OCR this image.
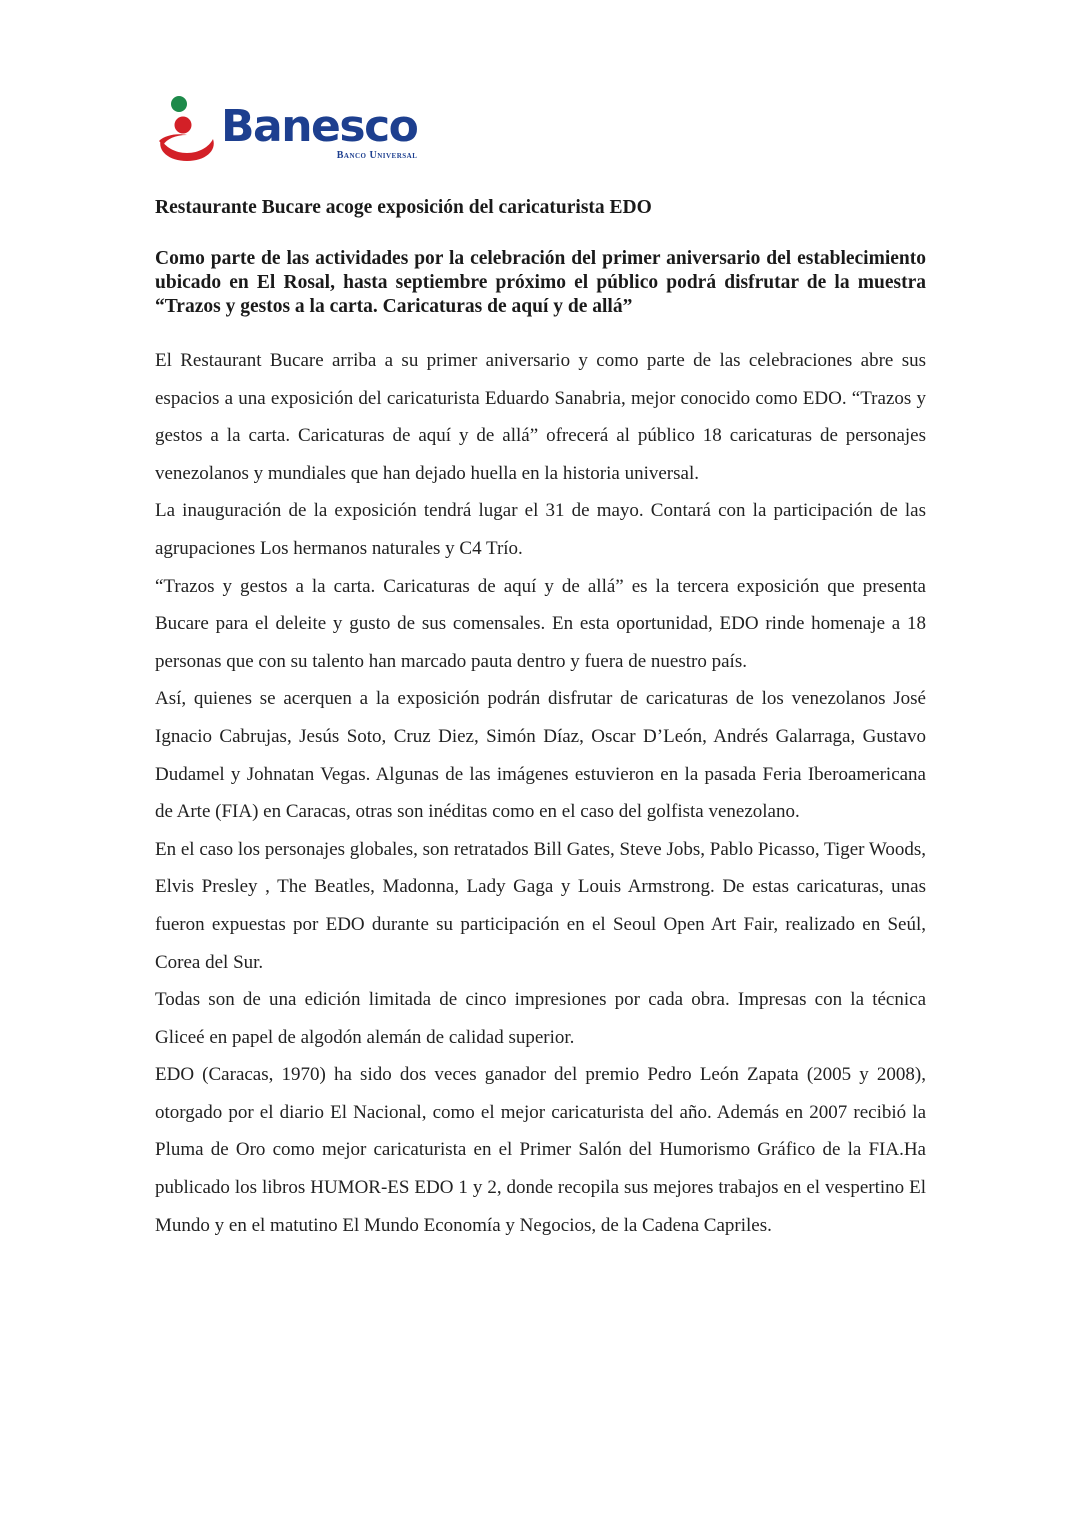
Banesco
Banco Universal
Restaurante Bucare acoge exposición del caricaturista EDO

Como parte de las actividades por la celebración del primer aniversario del establecimiento ubicado en El Rosal, hasta septiembre próximo el público podrá disfrutar de la muestra “Trazos y gestos a la carta. Caricaturas de aquí y de allá”

El Restaurant Bucare arriba a su primer aniversario y como parte de las celebraciones abre sus espacios a una exposición del caricaturista Eduardo Sanabria, mejor conocido como EDO. “Trazos y gestos a la carta. Caricaturas de aquí y de allá” ofrecerá al público 18 caricaturas de personajes venezolanos y mundiales que han dejado huella en la historia universal.

La inauguración de la exposición tendrá lugar el 31 de mayo. Contará con la participación de las agrupaciones Los hermanos naturales y C4 Trío.

“Trazos y gestos a la carta. Caricaturas de aquí y de allá” es la tercera exposición que presenta Bucare para el deleite y gusto de sus comensales. En esta oportunidad, EDO rinde homenaje a 18 personas que con su talento han marcado pauta dentro y fuera de nuestro país.

Así, quienes se acerquen a la exposición podrán disfrutar de caricaturas de los venezolanos José Ignacio Cabrujas, Jesús Soto, Cruz Diez, Simón Díaz, Oscar D’León, Andrés Galarraga, Gustavo Dudamel y Johnatan Vegas. Algunas de las imágenes estuvieron en la pasada Feria Iberoamericana de Arte (FIA) en Caracas, otras son inéditas como en el caso del golfista venezolano.

En el caso los personajes globales, son retratados Bill Gates, Steve Jobs, Pablo Picasso, Tiger Woods, Elvis Presley , The Beatles, Madonna, Lady Gaga y Louis Armstrong. De estas caricaturas, unas fueron expuestas por EDO durante su participación en el Seoul Open Art Fair, realizado en Seúl, Corea del Sur.

Todas son de una edición limitada de cinco impresiones por cada obra. Impresas con la técnica Gliceé en papel de algodón alemán de calidad superior.

EDO (Caracas, 1970) ha sido dos veces ganador del premio Pedro León Zapata (2005 y 2008), otorgado por el diario El Nacional, como el mejor caricaturista del año. Además en 2007 recibió la Pluma de Oro como mejor caricaturista en el Primer Salón del Humorismo Gráfico de la FIA.Ha publicado los libros HUMOR-ES EDO 1 y 2, donde recopila sus mejores trabajos en el vespertino El Mundo y en el matutino El Mundo Economía y Negocios, de la Cadena Capriles.
